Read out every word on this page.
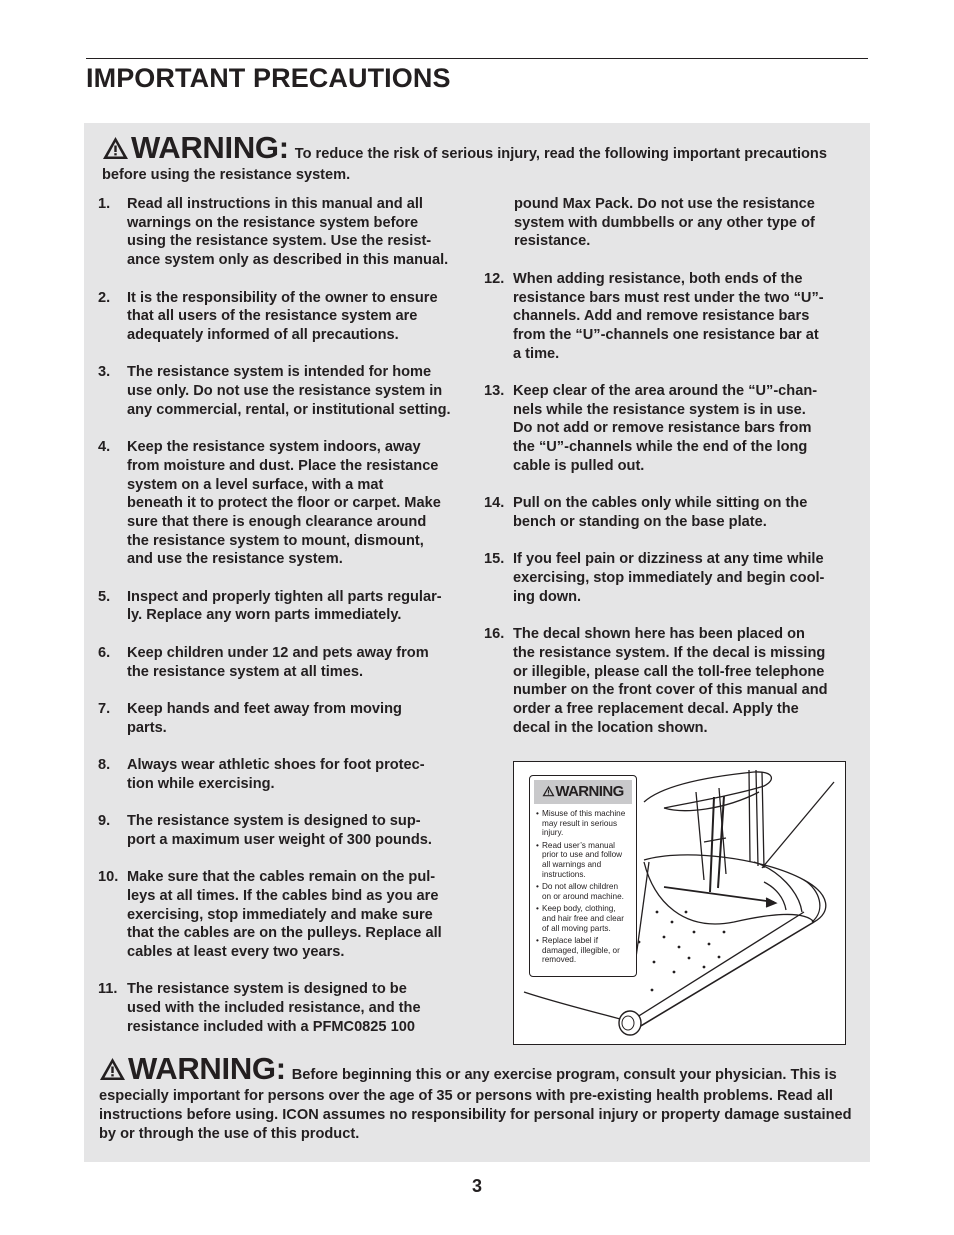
IMPORTANT PRECAUTIONS
WARNING: To reduce the risk of serious injury, read the following important precautions before using the resistance system.
1. Read all instructions in this manual and all
warnings on the resistance system before
using the resistance system. Use the resist-
ance system only as described in this manual.
2. It is the responsibility of the owner to ensure
that all users of the resistance system are
adequately informed of all precautions.
3. The resistance system is intended for home
use only. Do not use the resistance system in
any commercial, rental, or institutional setting.
4. Keep the resistance system indoors, away
from moisture and dust. Place the resistance
system on a level surface, with a mat
beneath it to protect the floor or carpet. Make
sure that there is enough clearance around
the resistance system to mount, dismount,
and use the resistance system.
5. Inspect and properly tighten all parts regular-
ly. Replace any worn parts immediately.
6. Keep children under 12 and pets away from
the resistance system at all times.
7. Keep hands and feet away from moving
parts.
8. Always wear athletic shoes for foot protec-
tion while exercising.
9. The resistance system is designed to sup-
port a maximum user weight of 300 pounds.
10. Make sure that the cables remain on the pul-
leys at all times. If the cables bind as you are
exercising, stop immediately and make sure
that the cables are on the pulleys. Replace all
cables at least every two years.
11. The resistance system is designed to be
used with the included resistance, and the
resistance included with a PFMC0825 100
pound Max Pack. Do not use the resistance
system with dumbbells or any other type of
resistance.
12. When adding resistance, both ends of the
resistance bars must rest under the two “U”-
channels. Add and remove resistance bars
from the “U”-channels one resistance bar at
a time.
13. Keep clear of the area around the “U”-chan-
nels while the resistance system is in use.
Do not add or remove resistance bars from
the “U”-channels while the end of the long
cable is pulled out.
14. Pull on the cables only while sitting on the
bench or standing on the base plate.
15. If you feel pain or dizziness at any time while
exercising, stop immediately and begin cool-
ing down.
16. The decal shown here has been placed on
the resistance system. If the decal is missing
or illegible, please call the toll-free telephone
number on the front cover of this manual and
order a free replacement decal. Apply the
decal in the location shown.
WARNING
• Misuse of this machine
may result in serious
injury.
• Read user’s manual
prior to use and follow
all warnings and
instructions.
• Do not allow children
on or around machine.
• Keep body, clothing,
and hair free and clear
of all moving parts.
• Replace label if
damaged, illegible, or
removed.
WARNING: Before beginning this or any exercise program, consult your physician. This is especially important for persons over the age of 35 or persons with pre-existing health problems. Read all instructions before using. ICON assumes no responsibility for personal injury or property damage sustained by or through the use of this product.
3
